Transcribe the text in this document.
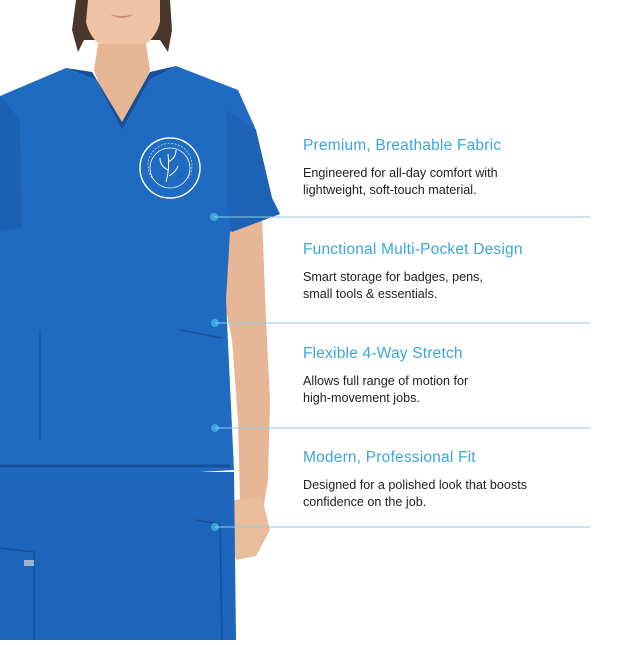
Premium, Breathable Fabric

Engineered for all-day comfort with
lightweight, soft-touch material.

Functional Multi-Pocket Design

Smart storage for badges, pens,
small tools & essentials.

Flexible 4-Way Stretch

Allows full range of motion for
high-movement jobs.

Modern, Professional Fit

Designed for a polished look that boosts
confidence on the job.
